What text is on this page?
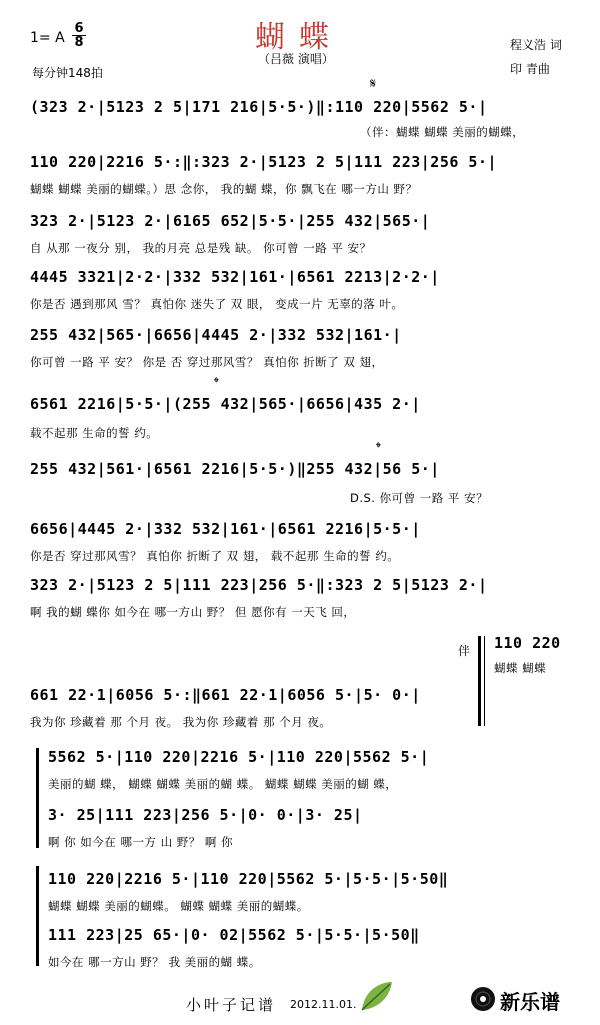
1= A
6
8
每分钟148拍
蝴蝶
（吕薇 演唱）
程义浩 词
印 青曲
𝄋
(323 2·|5123 2 5|171 216|5·5·)‖:110 220|5562 5·|
（伴：蝴蝶 蝴蝶 美丽的蝴蝶，
110 220|2216 5·:‖:323 2·|5123 2 5|111 223|256 5·|
蝴蝶 蝴蝶 美丽的蝴蝶。）思 念你， 我的蝴 蝶，你 飘飞在 哪一方山 野？
323 2·|5123 2·|6165 652|5·5·|255 432|565·|
自 从那 一夜分 别， 我的月亮 总是残 缺。 你可曾 一路 平 安？
4445 3321|2·2·|332 532|161·|6561 2213|2·2·|
你是否 遇到那风 雪？ 真怕你 迷失了 双 眼， 变成一片 无辜的落 叶。
255 432|565·|6656|4445 2·|332 532|161·|
你可曾 一路 平 安？ 你是 否 穿过那风雪？ 真怕你 折断了 双 翅，
𝄌
6561 2216|5·5·|(255 432|565·|6656|435 2·|
载不起那 生命的誓 约。
𝄌
255 432|561·|6561 2216|5·5·)‖255 432|56 5·|
D.S. 你可曾 一路 平 安？
6656|4445 2·|332 532|161·|6561 2216|5·5·|
你是否 穿过那风雪？ 真怕你 折断了 双 翅， 载不起那 生命的誓 约。
323 2·|5123 2 5|111 223|256 5·‖:323 2 5|5123 2·|
啊 我的蝴 蝶你 如今在 哪一方山 野？ 但 愿你有 一天飞 回，
伴 110 220
蝴蝶 蝴蝶
661 22·1|6056 5·:‖661 22·1|6056 5·|5· 0·|
我为你 珍藏着 那 个月 夜。 我为你 珍藏着 那 个月 夜。
5562 5·|110 220|2216 5·|110 220|5562 5·|
美丽的蝴 蝶， 蝴蝶 蝴蝶 美丽的蝴 蝶。 蝴蝶 蝴蝶 美丽的蝴 蝶，
3· 25|111 223|256 5·|0· 0·|3· 25|
啊 你 如今在 哪一方 山 野？ 啊 你
110 220|2216 5·|110 220|5562 5·|5·5·|5·50‖
蝴蝶 蝴蝶 美丽的蝴蝶。 蝴蝶 蝴蝶 美丽的蝴蝶。
111 223|25 65·|0· 02|5562 5·|5·5·|5·50‖
如今在 哪一方山 野？ 我 美丽的蝴 蝶。
小叶子记谱 2012.11.01.	新乐谱
